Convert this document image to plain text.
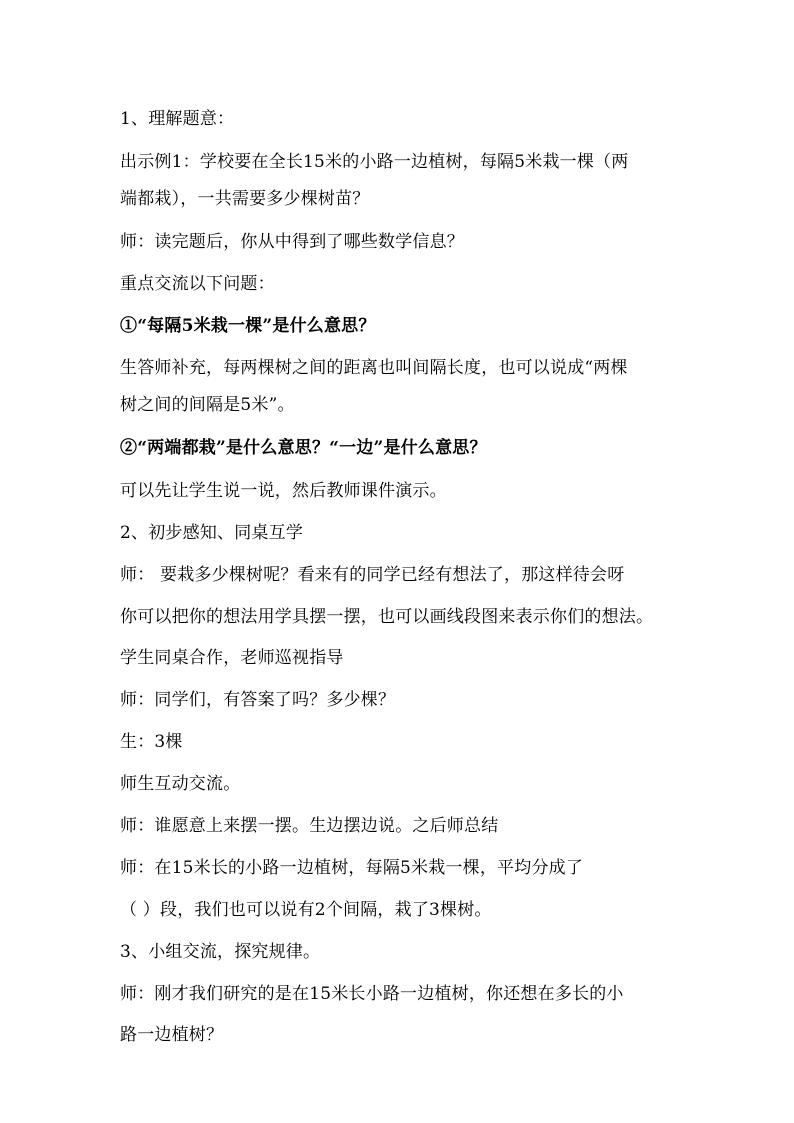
1、理解题意：
出示例1：学校要在全长15米的小路一边植树，每隔5米栽一棵（两
端都栽），一共需要多少棵树苗？
师：读完题后，你从中得到了哪些数学信息？
重点交流以下问题：
①“每隔5米栽一棵”是什么意思？
生答师补充，每两棵树之间的距离也叫间隔长度，也可以说成“两棵
树之间的间隔是5米”。
②“两端都栽”是什么意思？“一边”是什么意思？
可以先让学生说一说，然后教师课件演示。
2、初步感知、同桌互学
师： 要栽多少棵树呢？看来有的同学已经有想法了，那这样待会呀
你可以把你的想法用学具摆一摆，也可以画线段图来表示你们的想法。
学生同桌合作，老师巡视指导
师：同学们，有答案了吗？多少棵？
生：3棵
师生互动交流。
师：谁愿意上来摆一摆。生边摆边说。之后师总结
师：在15米长的小路一边植树，每隔5米栽一棵，平均分成了
（ ）段，我们也可以说有2个间隔，栽了3棵树。
3、小组交流，探究规律。
师：刚才我们研究的是在15米长小路一边植树，你还想在多长的小
路一边植树？
